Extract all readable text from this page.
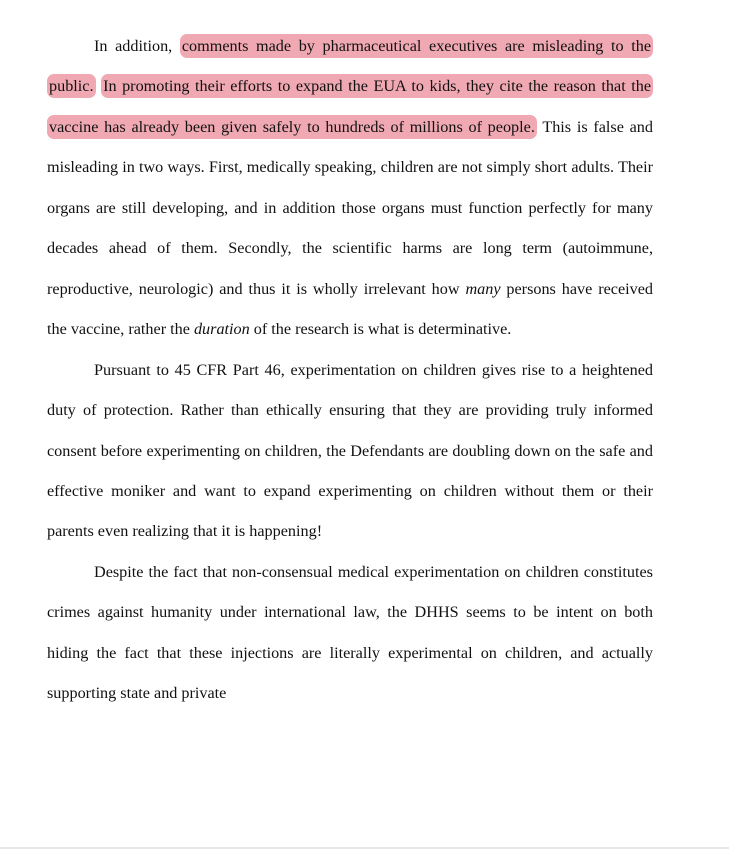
In addition, comments made by pharmaceutical executives are misleading to the public. In promoting their efforts to expand the EUA to kids, they cite the reason that the vaccine has already been given safely to hundreds of millions of people. This is false and misleading in two ways. First, medically speaking, children are not simply short adults. Their organs are still developing, and in addition those organs must function perfectly for many decades ahead of them. Secondly, the scientific harms are long term (autoimmune, reproductive, neurologic) and thus it is wholly irrelevant how many persons have received the vaccine, rather the duration of the research is what is determinative.

Pursuant to 45 CFR Part 46, experimentation on children gives rise to a heightened duty of protection. Rather than ethically ensuring that they are providing truly informed consent before experimenting on children, the Defendants are doubling down on the safe and effective moniker and want to expand experimenting on children without them or their parents even realizing that it is happening!

Despite the fact that non-consensual medical experimentation on children constitutes crimes against humanity under international law, the DHHS seems to be intent on both hiding the fact that these injections are literally experimental on children, and actually supporting state and private
